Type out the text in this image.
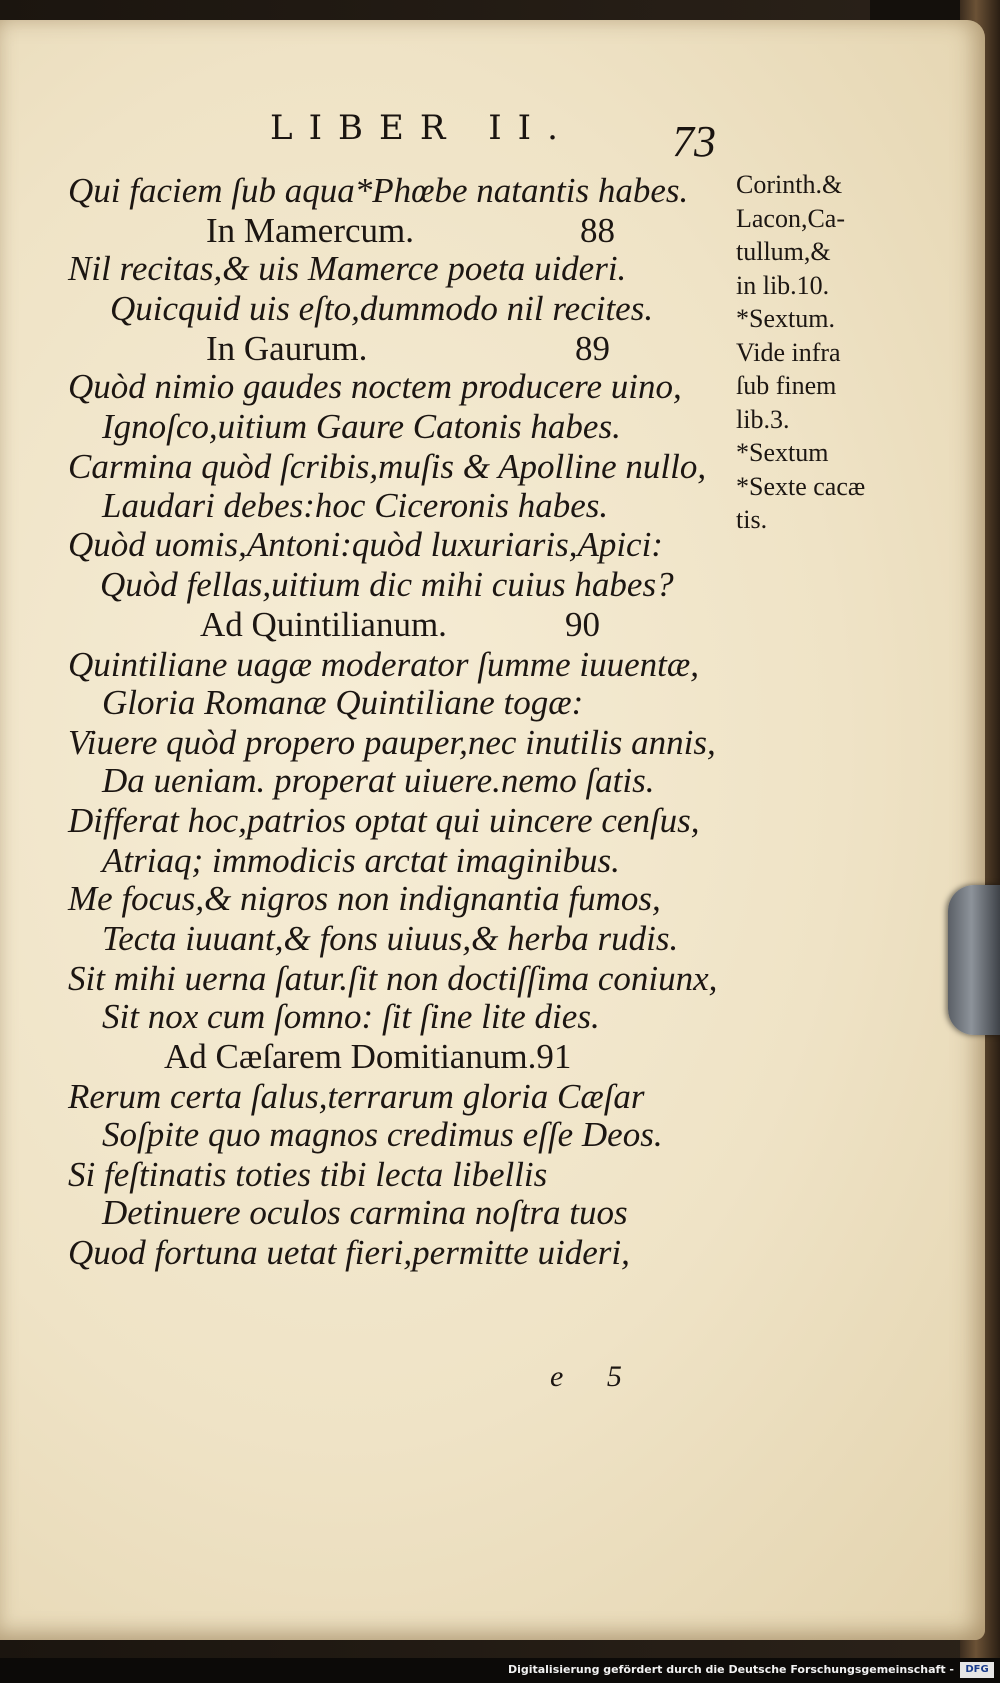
LIBER II. 73
Qui faciem ſub aqua*Phœbe natantis habes.
In Mamercum.	88
Nil recitas,& uis Mamerce poeta uideri.
Quicquid uis eſto,dummodo nil recites.
In Gaurum.	89
Quòd nimio gaudes noctem producere uino,
Ignoſco,uitium Gaure Catonis habes.
Carmina quòd ſcribis,muſis & Apolline nullo,
Laudari debes:hoc Ciceronis habes.
Quòd uomis,Antoni:quòd luxuriaris,Apici:
Quòd fellas,uitium dic mihi cuius habes?
Ad Quintilianum.	90
Quintiliane uagæ moderator ſumme iuuentæ,
Gloria Romanæ Quintiliane togæ:
Viuere quòd propero pauper,nec inutilis annis,
Da ueniam. properat uiuere.nemo ſatis.
Differat hoc,patrios optat qui uincere cenſus,
Atriaq; immodicis arctat imaginibus.
Me focus,& nigros non indignantia fumos,
Tecta iuuant,& fons uiuus,& herba rudis.
Sit mihi uerna ſatur.ſit non doctiſſima coniunx,
Sit nox cum ſomno: ſit ſine lite dies.
Ad Cæſarem Domitianum.91
Rerum certa ſalus,terrarum gloria Cæſar
Soſpite quo magnos credimus eſſe Deos.
Si feſtinatis toties tibi lecta libellis
Detinuere oculos carmina noſtra tuos
Quod fortuna uetat fieri,permitte uideri,
Corinth.&
Lacon,Ca-
tullum,&
in lib.10.
*Sextum.
Vide infra
ſub finem
lib.3.
*Sextum
*Sexte cacæ
tis.
e 5
Digitalisierung gefördert durch die Deutsche Forschungsgemeinschaft -	DFG
